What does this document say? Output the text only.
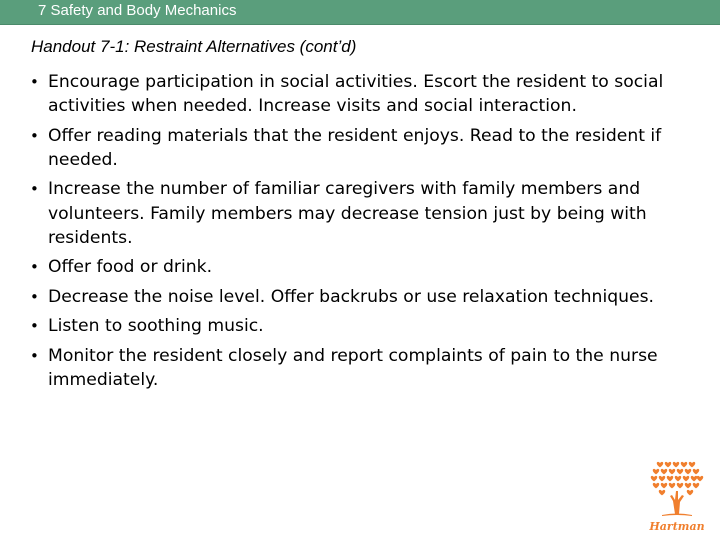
7 Safety and Body Mechanics
Handout 7-1: Restraint Alternatives (cont’d)
• Encourage participation in social activities. Escort the resident to social activities when needed. Increase visits and social interaction.
• Offer reading materials that the resident enjoys. Read to the resident if needed.
• Increase the number of familiar caregivers with family members and volunteers. Family members may decrease tension just by being with residents.
• Offer food or drink.
• Decrease the noise level. Offer backrubs or use relaxation techniques.
• Listen to soothing music.
• Monitor the resident closely and report complaints of pain to the nurse immediately.
Hartman
